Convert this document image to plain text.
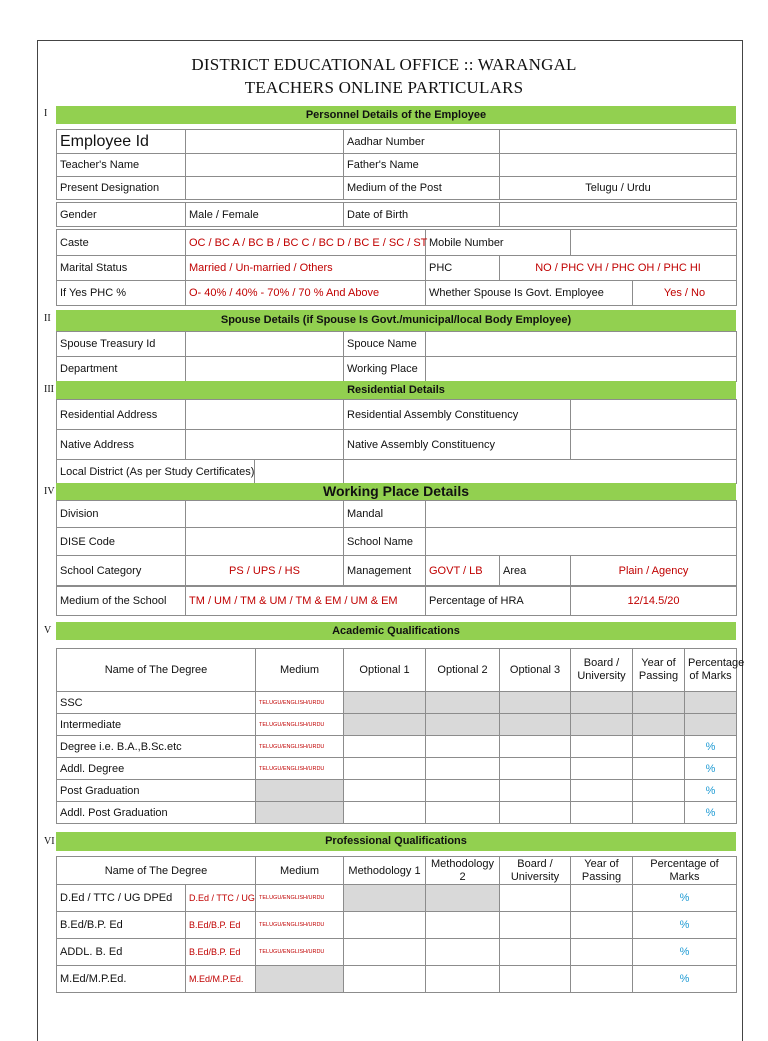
DISTRICT EDUCATIONAL OFFICE :: WARANGAL
TEACHERS ONLINE PARTICULARS
I	Personnel Details of the Employee
Employee Id		Aadhar Number	
Teacher's Name		Father's Name	
Present Designation		Medium of the Post	Telugu / Urdu
Gender	Male / Female	Date of Birth	
Caste	OC / BC A / BC B / BC C / BC D / BC E / SC / ST	Mobile Number			
Marital Status	Married / Un-married / Others	PHC	NO / PHC VH / PHC OH / PHC HI		
If Yes PHC %	O- 40% / 40% - 70% / 70 % And Above	Whether Spouse Is Govt. Employee			Yes / No
II	Spouse Details (if Spouse Is Govt./municipal/local Body Employee)
Spouse Treasury Id		Spouce Name	
Department		Working Place	
III	Residential Details
Residential Address			Residential Assembly Constituency	
Native Address			Native Assembly Constituency	
Local District (As per Study Certificates)				
IV	Working Place Details
Division		Mandal			
DISE Code		School Name			
School Category	PS / UPS / HS	Management	GOVT / LB	Area	Plain / Agency
Medium of the School	TM / UM / TM & UM / TM & EM / UM & EM	Percentage of HRA	12/14.5/20
V	Academic Qualifications
Name of The Degree	Medium	Optional 1	Optional 2	Optional 3	Board / University	Year of Passing	Percentage of Marks
SSC	TELUGU/ENGLISH/URDU						
Intermediate	TELUGU/ENGLISH/URDU						
Degree i.e. B.A.,B.Sc.etc	TELUGU/ENGLISH/URDU						%
Addl. Degree	TELUGU/ENGLISH/URDU						%
Post Graduation							%
Addl. Post Graduation							%
VI	Professional Qualifications
Name of The Degree		Medium	Methodology 1	Methodology 2	Board / University	Year of Passing	Percentage of Marks
D.Ed / TTC / UG DPEd	D.Ed / TTC / UG	TELUGU/ENGLISH/URDU					%
B.Ed/B.P. Ed	B.Ed/B.P. Ed	TELUGU/ENGLISH/URDU					%
ADDL. B. Ed	B.Ed/B.P. Ed	TELUGU/ENGLISH/URDU					%
M.Ed/M.P.Ed.	M.Ed/M.P.Ed.						%
